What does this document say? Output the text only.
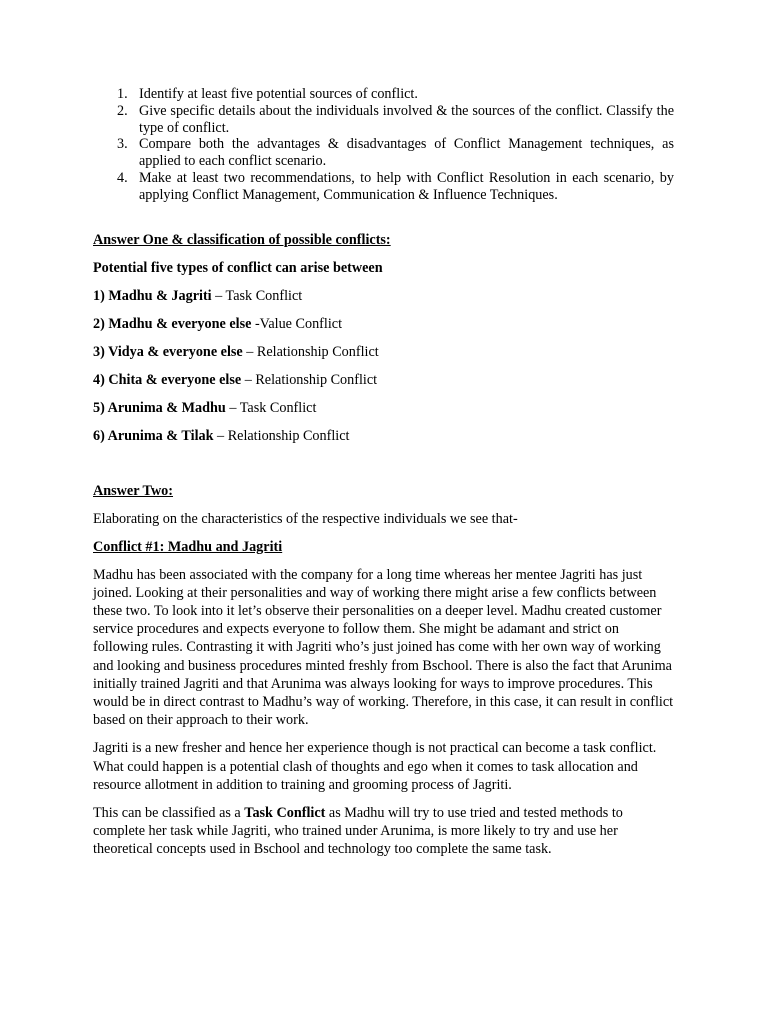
1. Identify at least five potential sources of conflict.
2. Give specific details about the individuals involved & the sources of the conflict. Classify the type of conflict.
3. Compare both the advantages & disadvantages of Conflict Management techniques, as applied to each conflict scenario.
4. Make at least two recommendations, to help with Conflict Resolution in each scenario, by applying Conflict Management, Communication & Influence Techniques.

Answer One & classification of possible conflicts:

Potential five types of conflict can arise between

1) Madhu & Jagriti – Task Conflict

2) Madhu & everyone else -Value Conflict

3) Vidya & everyone else – Relationship Conflict

4) Chita & everyone else – Relationship Conflict

5) Arunima & Madhu – Task Conflict

6) Arunima & Tilak – Relationship Conflict

Answer Two:

Elaborating on the characteristics of the respective individuals we see that-

Conflict #1: Madhu and Jagriti

Madhu has been associated with the company for a long time whereas her mentee Jagriti has just joined. Looking at their personalities and way of working there might arise a few conflicts between these two. To look into it let’s observe their personalities on a deeper level. Madhu created customer service procedures and expects everyone to follow them. She might be adamant and strict on following rules. Contrasting it with Jagriti who’s just joined has come with her own way of working and looking and business procedures minted freshly from Bschool. There is also the fact that Arunima initially trained Jagriti and that Arunima was always looking for ways to improve procedures. This would be in direct contrast to Madhu’s way of working. Therefore, in this case, it can result in conflict based on their approach to their work.

Jagriti is a new fresher and hence her experience though is not practical can become a task conflict. What could happen is a potential clash of thoughts and ego when it comes to task allocation and resource allotment in addition to training and grooming process of Jagriti.

This can be classified as a Task Conflict as Madhu will try to use tried and tested methods to complete her task while Jagriti, who trained under Arunima, is more likely to try and use her theoretical concepts used in Bschool and technology too complete the same task.
